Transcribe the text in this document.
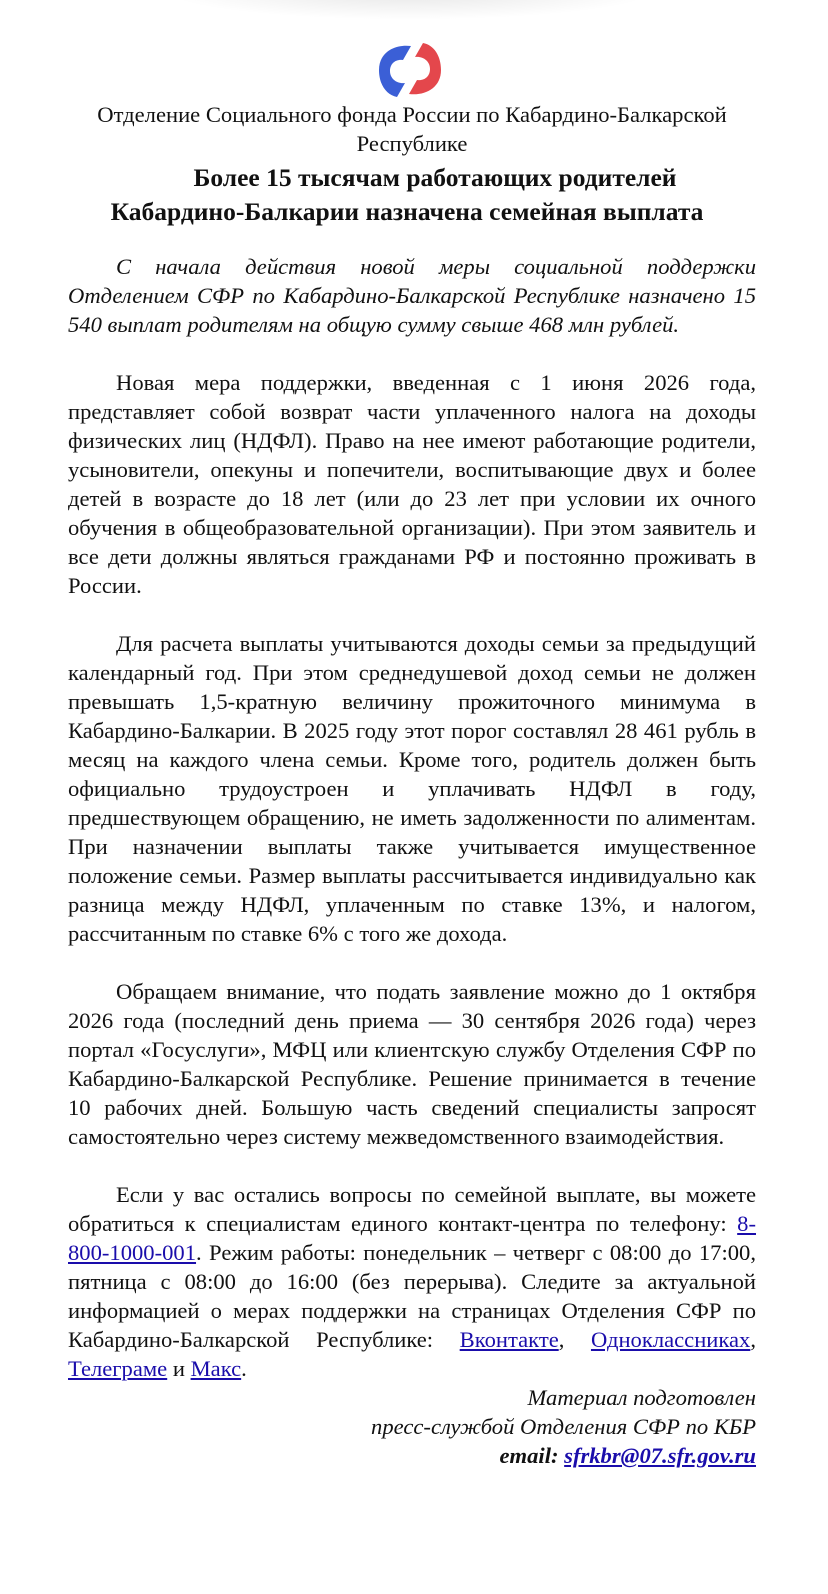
Отделение Социального фонда России по Кабардино-Балкарской Республике

Более 15 тысячам работающих родителей
Кабардино-Балкарии назначена семейная выплата

С начала действия новой меры социальной поддержки Отделением СФР по Кабардино-Балкарской Республике назначено 15 540 выплат родителям на общую сумму свыше 468 млн рублей.

Новая мера поддержки, введенная с 1 июня 2026 года, представляет собой возврат части уплаченного налога на доходы физических лиц (НДФЛ). Право на нее имеют работающие родители, усыновители, опекуны и попечители, воспитывающие двух и более детей в возрасте до 18 лет (или до 23 лет при условии их очного обучения в общеобразовательной организации). При этом заявитель и все дети должны являться гражданами РФ и постоянно проживать в России.

Для расчета выплаты учитываются доходы семьи за предыдущий календарный год. При этом среднедушевой доход семьи не должен превышать 1,5-кратную величину прожиточного минимума в Кабардино-Балкарии. В 2025 году этот порог составлял 28 461 рубль в месяц на каждого члена семьи. Кроме того, родитель должен быть официально трудоустроен и уплачивать НДФЛ в году, предшествующем обращению, не иметь задолженности по алиментам. При назначении выплаты также учитывается имущественное положение семьи. Размер выплаты рассчитывается индивидуально как разница между НДФЛ, уплаченным по ставке 13%, и налогом, рассчитанным по ставке 6% с того же дохода.

Обращаем внимание, что подать заявление можно до 1 октября 2026 года (последний день приема — 30 сентября 2026 года) через портал «Госуслуги», МФЦ или клиентскую службу Отделения СФР по Кабардино-Балкарской Республике. Решение принимается в течение 10 рабочих дней. Большую часть сведений специалисты запросят самостоятельно через систему межведомственного взаимодействия.

Если у вас остались вопросы по семейной выплате, вы можете обратиться к специалистам единого контакт-центра по телефону: 8-800-1000-001. Режим работы: понедельник – четверг с 08:00 до 17:00, пятница с 08:00 до 16:00 (без перерыва). Следите за актуальной информацией о мерах поддержки на страницах Отделения СФР по Кабардино-Балкарской Республике: Вконтакте, Одноклассниках, Телеграме и Макс.

Материал подготовлен

пресс-службой Отделения СФР по КБР

email: sfrkbr@07.sfr.gov.ru
